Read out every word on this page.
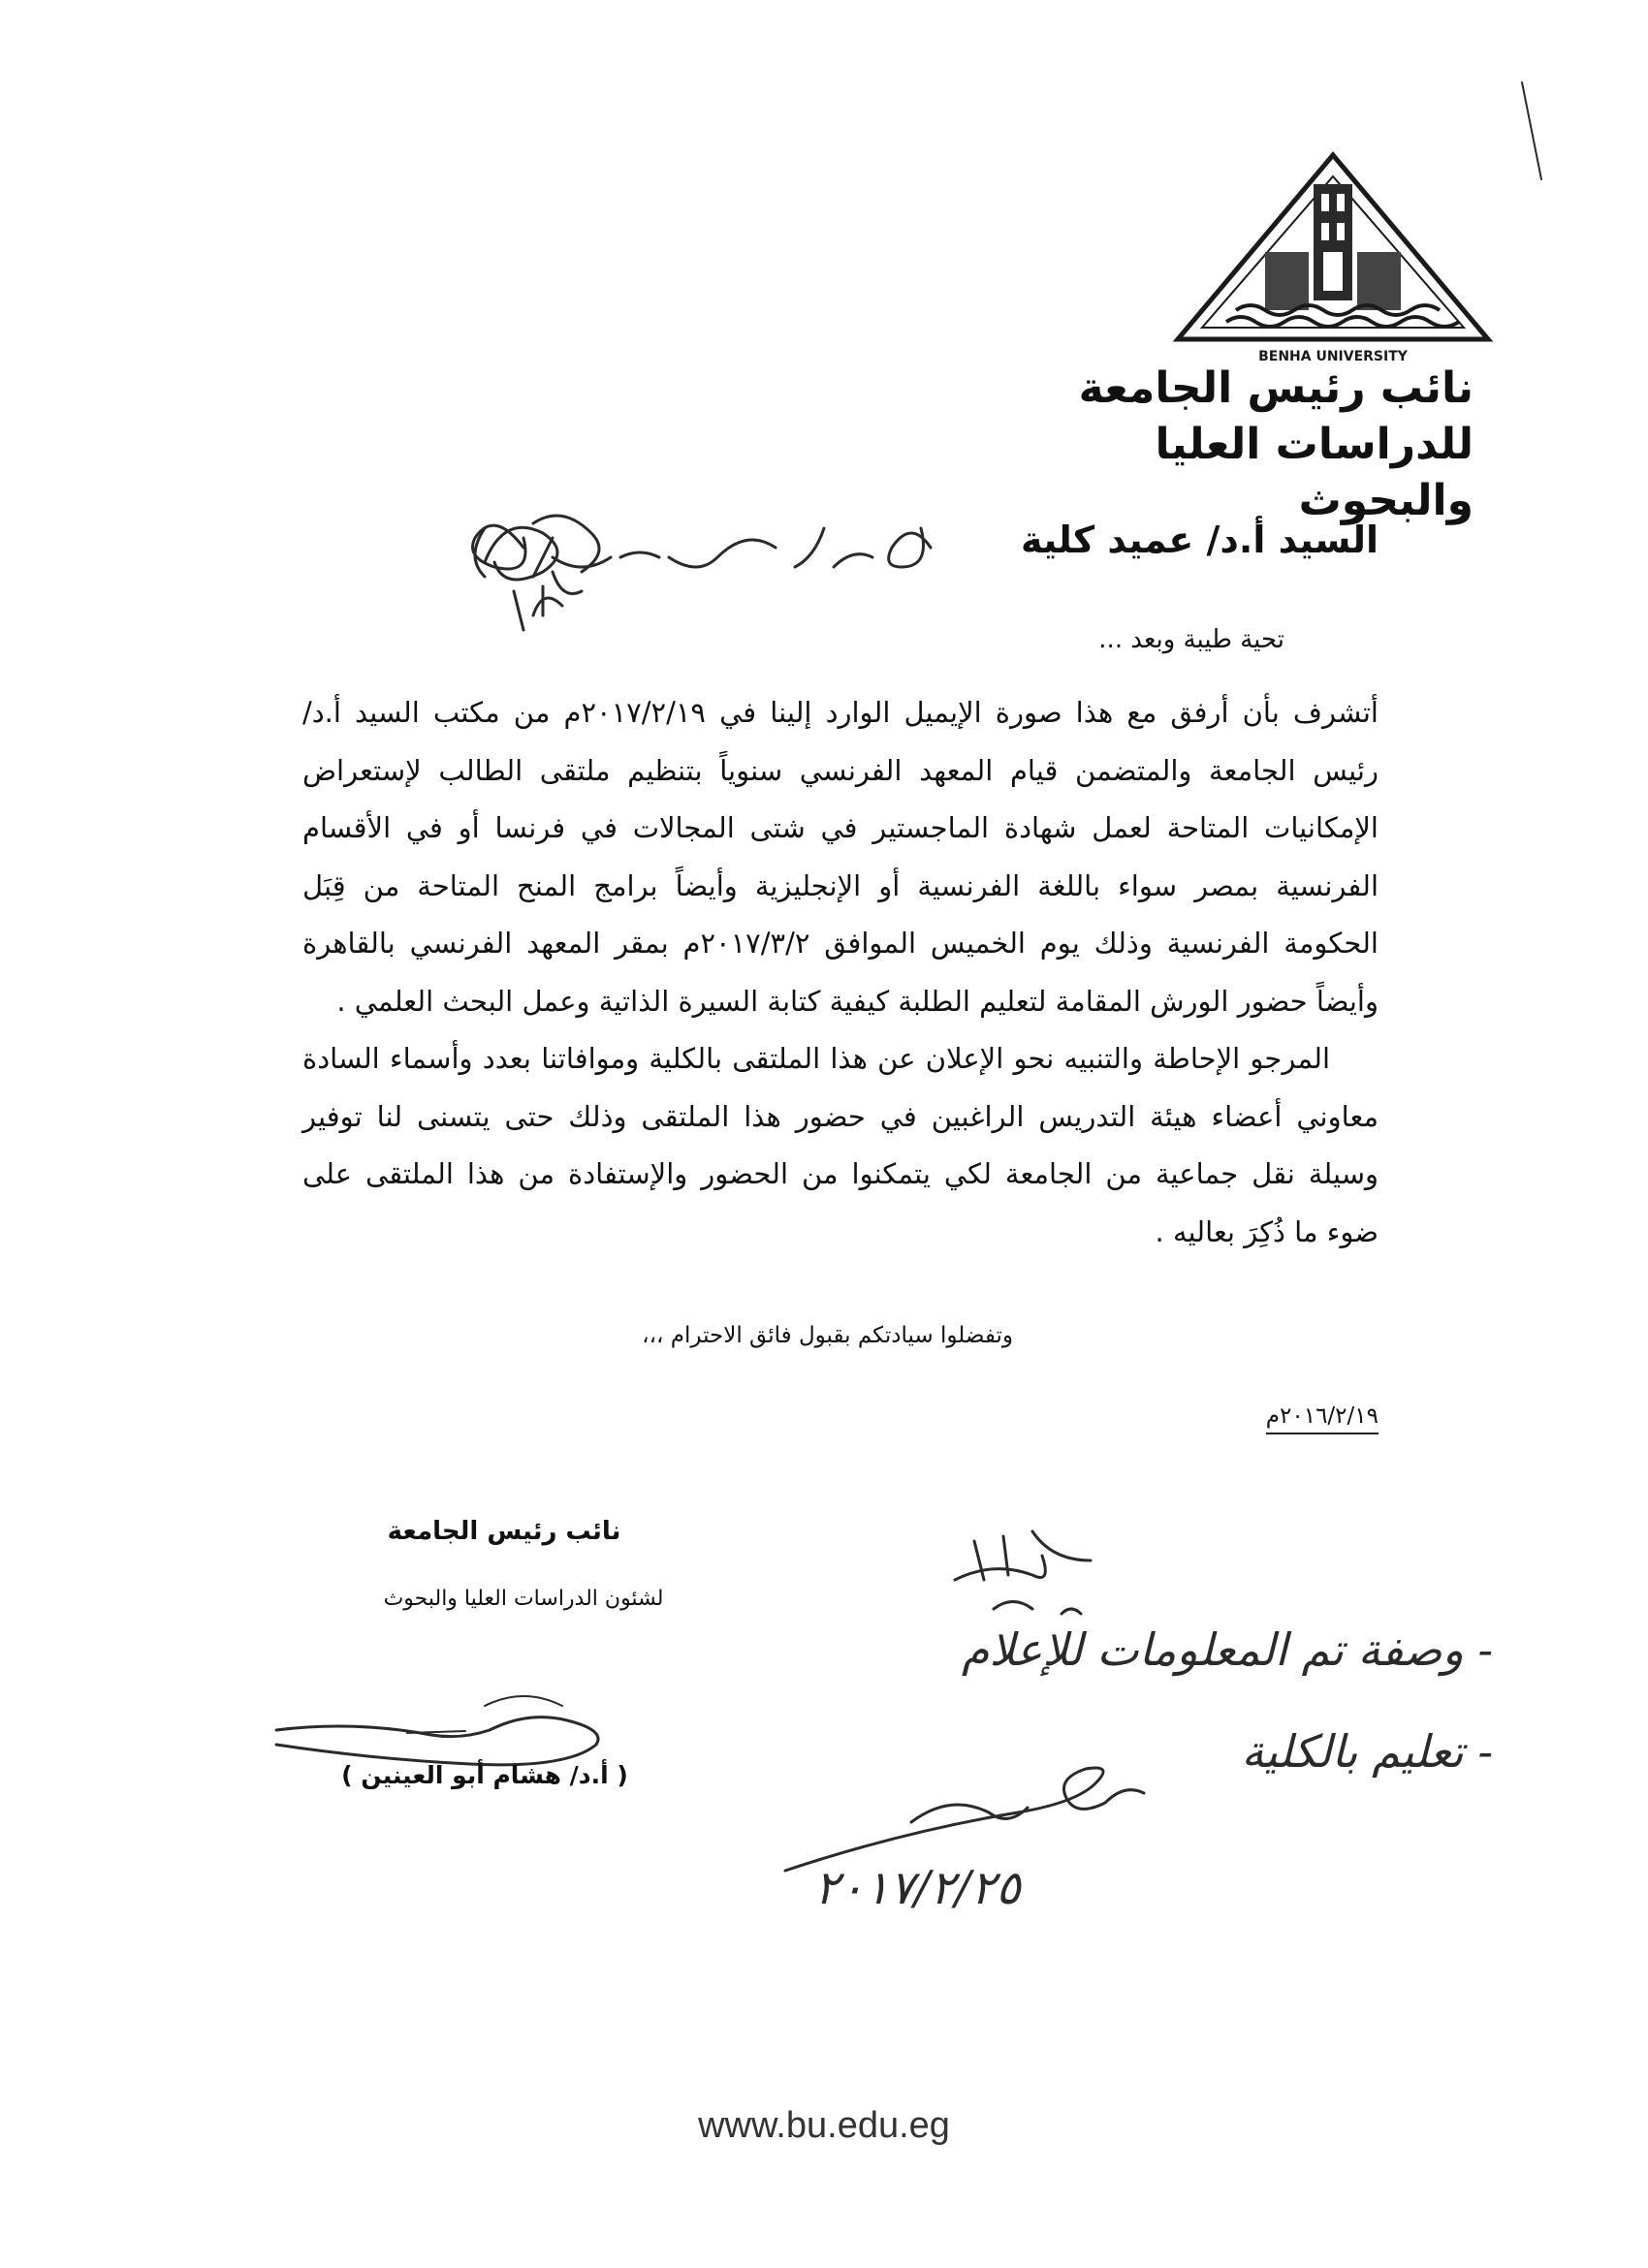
BENHA UNIVERSITY
نائب رئيس الجامعة
للدراسات العليا والبحوث
السيد أ.د/ عميد كلية
تحية طيبة وبعد ...
أتشرف بأن أرفق مع هذا صورة الإيميل الوارد إلينا في ٢٠١٧/٢/١٩م من مكتب السيد أ.د/ رئيس الجامعة والمتضمن قيام المعهد الفرنسي سنوياً بتنظيم ملتقى الطالب لإستعراض الإمكانيات المتاحة لعمل شهادة الماجستير في شتى المجالات في فرنسا أو في الأقسام الفرنسية بمصر سواء باللغة الفرنسية أو الإنجليزية وأيضاً برامج المنح المتاحة من قِبَل الحكومة الفرنسية وذلك يوم الخميس الموافق ٢٠١٧/٣/٢م بمقر المعهد الفرنسي بالقاهرة وأيضاً حضور الورش المقامة لتعليم الطلبة كيفية كتابة السيرة الذاتية وعمل البحث العلمي .
المرجو الإحاطة والتنبيه نحو الإعلان عن هذا الملتقى بالكلية وموافاتنا بعدد وأسماء السادة معاوني أعضاء هيئة التدريس الراغبين في حضور هذا الملتقى وذلك حتى يتسنى لنا توفير وسيلة نقل جماعية من الجامعة لكي يتمكنوا من الحضور والإستفادة من هذا الملتقى على ضوء ما ذُكِرَ بعاليه .
وتفضلوا سيادتكم بقبول فائق الاحترام ،،،
٢٠١٦/٢/١٩م
نائب رئيس الجامعة
لشئون الدراسات العليا والبحوث
( أ.د/ هشام أبو العينين )
- وصفة تم المعلومات للإعلام
- تعليم بالكلية
٢٠١٧/٢/٢٥
www.bu.edu.eg
